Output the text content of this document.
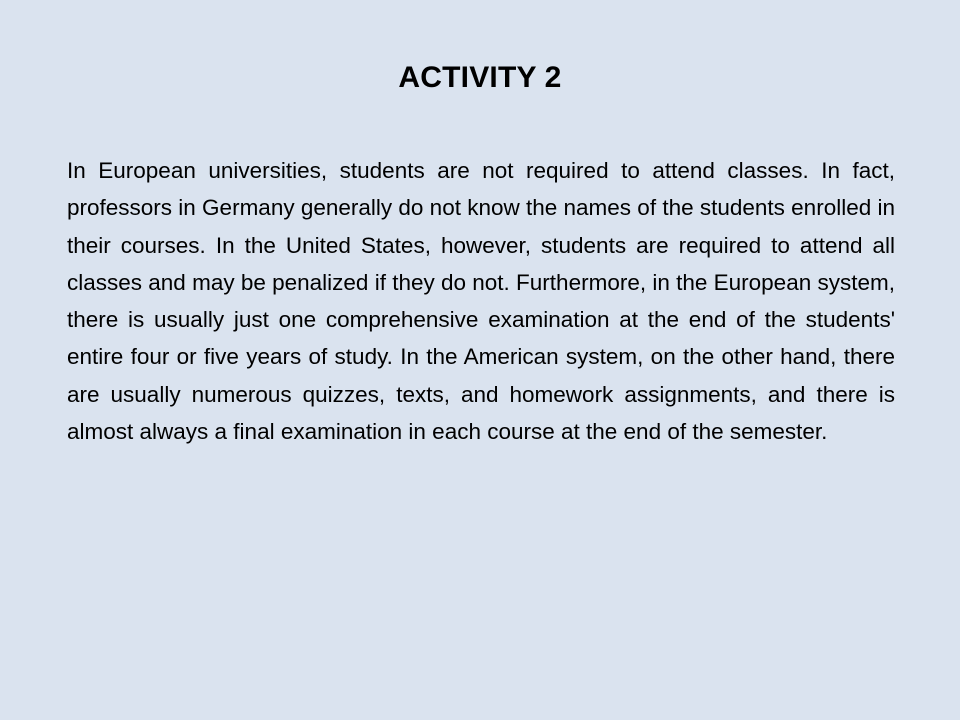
ACTIVITY 2
In European universities, students are not required to attend classes. In fact, professors in Germany generally do not know the names of the students enrolled in their courses. In the United States, however, students are required to attend all classes and may be penalized if they do not. Furthermore, in the European system, there is usually just one comprehensive examination at the end of the students' entire four or five years of study. In the American system, on the other hand, there are usually numerous quizzes, texts, and homework assignments, and there is almost always a final examination in each course at the end of the semester.
